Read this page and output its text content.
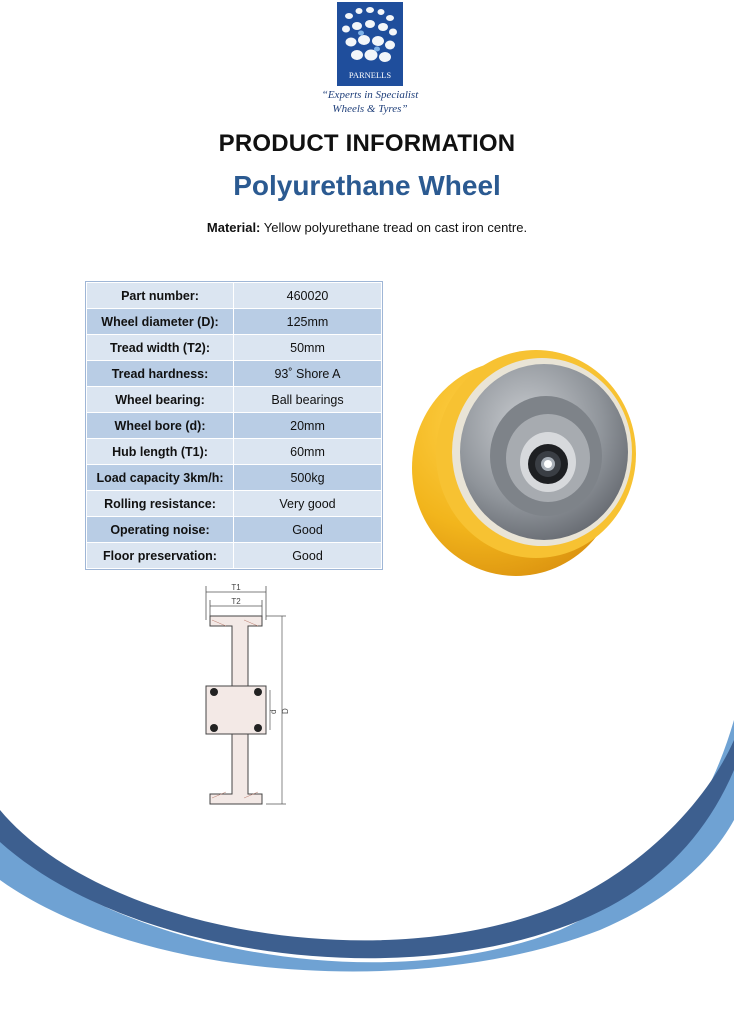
PARNELLS
“Experts in Specialist
Wheels & Tyres”
PRODUCT INFORMATION
Polyurethane Wheel
Material: Yellow polyurethane tread on cast iron centre.
Part number:	460020
Wheel diameter (D):	125mm
Tread width (T2):	50mm
Tread hardness:	93˚ Shore A
Wheel bearing:	Ball bearings
Wheel bore (d):	20mm
Hub length (T1):	60mm
Load capacity 3km/h:	500kg
Rolling resistance:	Very good
Operating noise:	Good
Floor preservation:	Good
T1
T2
d D
